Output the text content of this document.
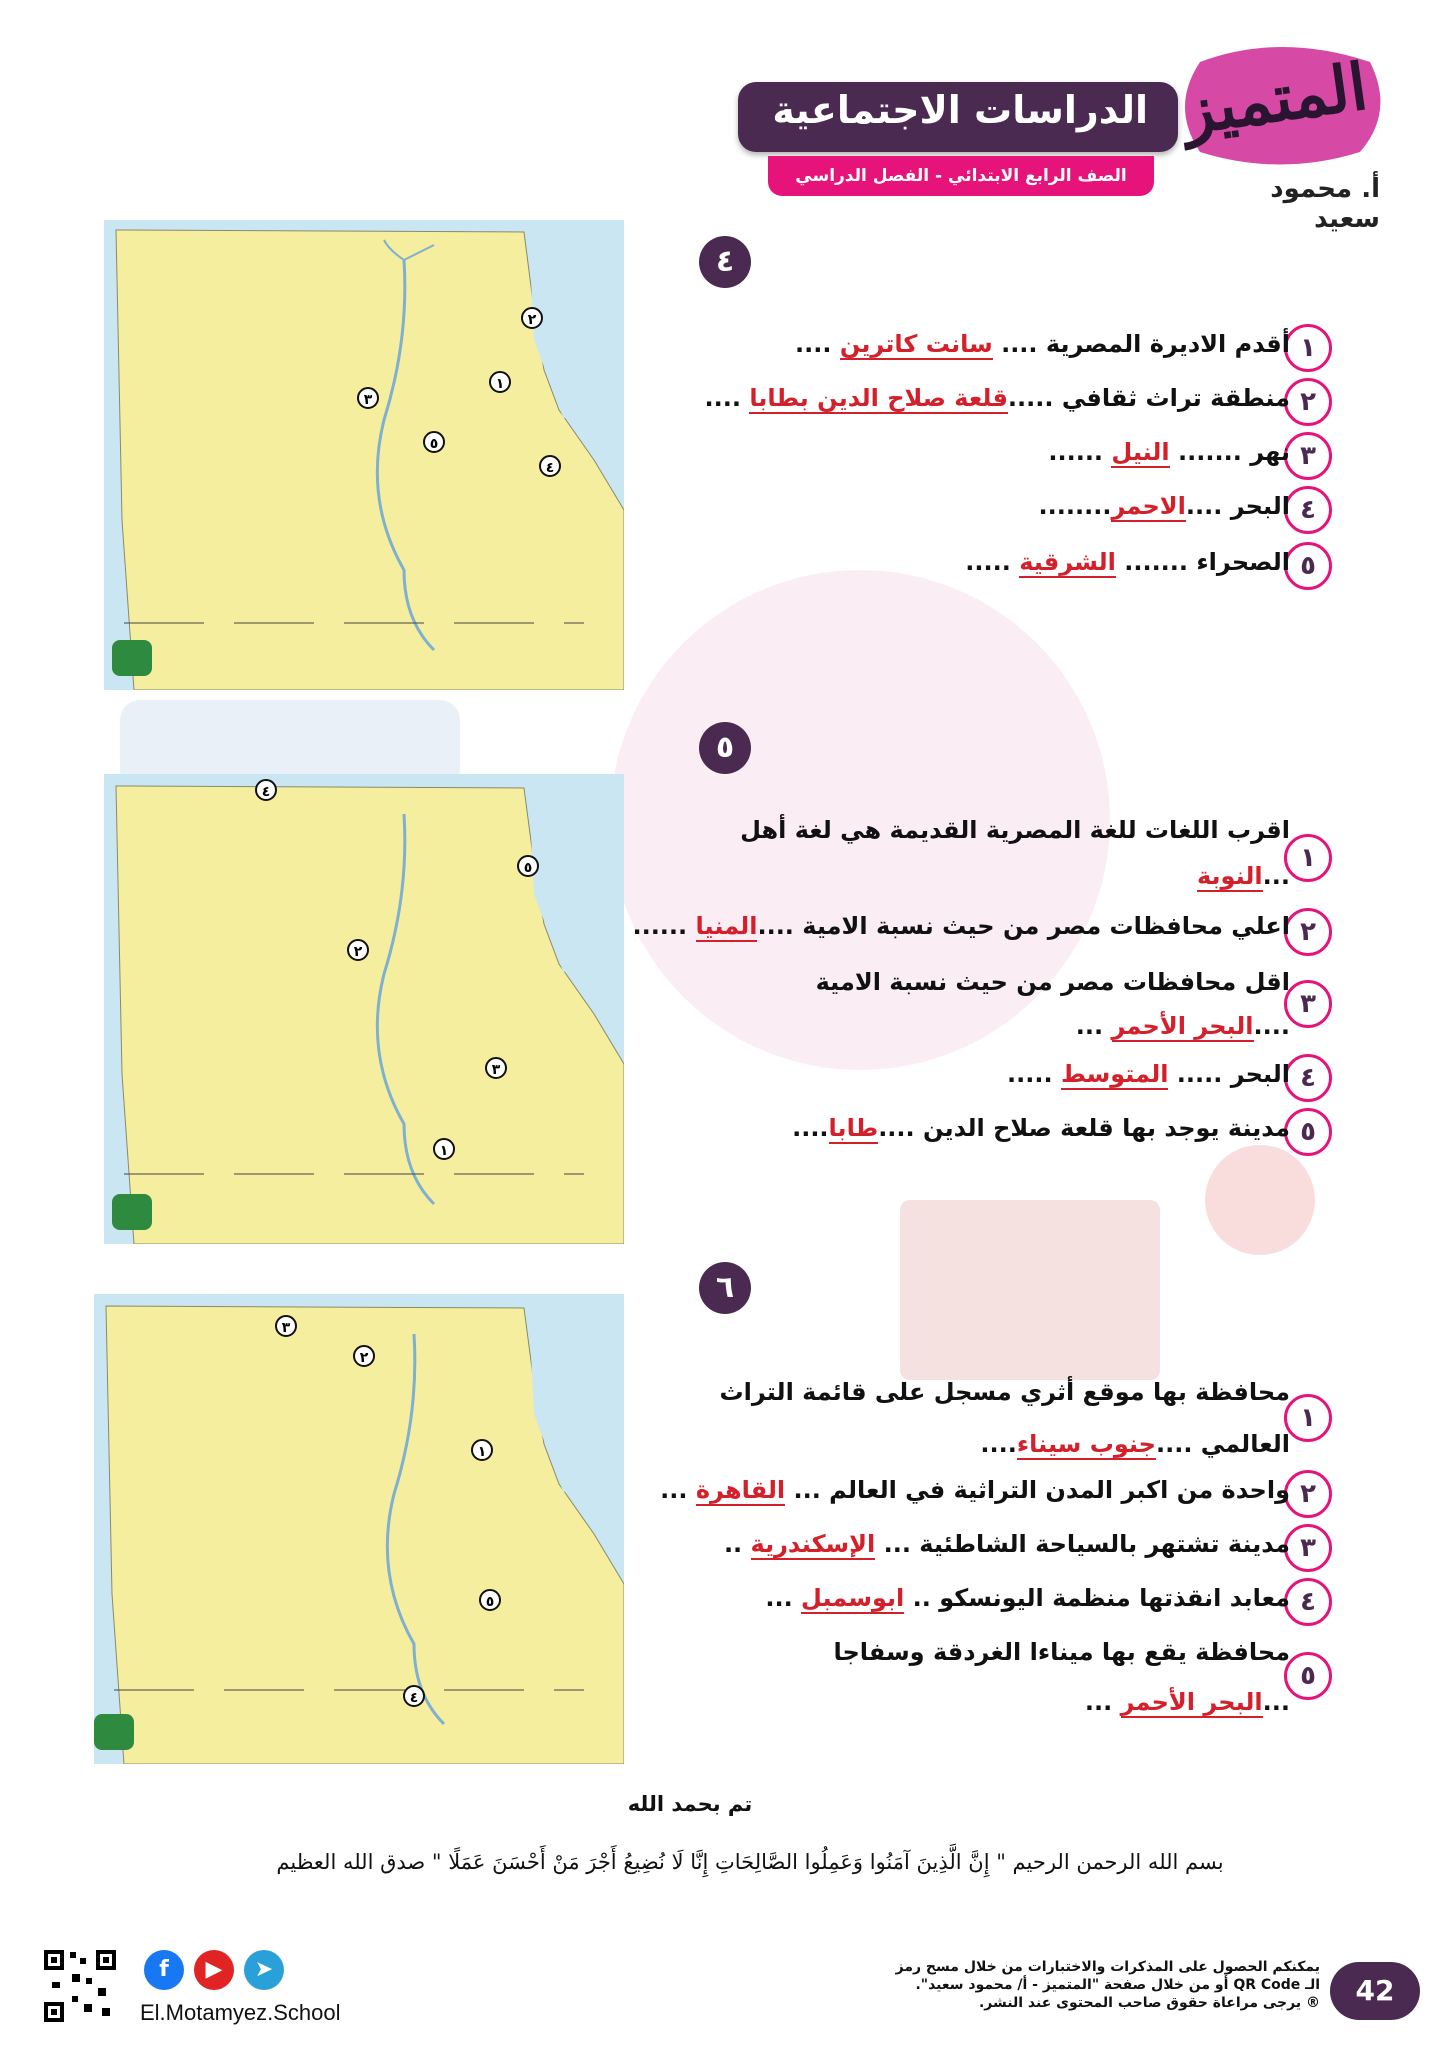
الدراسات الاجتماعية
الصف الرابع الابتدائي - الفصل الدراسي الثاني
المتميز
أ. محمود سعيد
٤
٢
١
٣
٥
٤
١
أقدم الاديرة المصرية .... سانت كاترين ....
٢
منطقة تراث ثقافي .....قلعة صلاح الدين بطابا ....
٣
نهر ....... النيل ......
٤
البحر ....الاحمر........
٥
الصحراء ....... الشرقية .....
٥
٤
٥
٢
٣
١
١
اقرب اللغات للغة المصرية القديمة هي لغة أهل
...النوبة
٢
اعلي محافظات مصر من حيث نسبة الامية ....المنيا ......
٣
اقل محافظات مصر من حيث نسبة الامية ....البحر الأحمر ...
٤
البحر ..... المتوسط .....
٥
مدينة يوجد بها قلعة صلاح الدين ....طابا....
٦
٣
٢
١
٥
٤
١
محافظة بها موقع أثري مسجل على قائمة التراث
العالمي ....جنوب سيناء....
٢
واحدة من اكبر المدن التراثية في العالم ... القاهرة ...
٣
مدينة تشتهر بالسياحة الشاطئية ... الإسكندرية ..
٤
معابد انقذتها منظمة اليونسكو .. ابوسمبل ...
٥
محافظة يقع بها ميناءا الغردقة وسفاجا
...البحر الأحمر ...
تم بحمد الله
بسم الله الرحمن الرحيم " إِنَّ الَّذِينَ آمَنُوا وَعَمِلُوا الصَّالِحَاتِ إِنَّا لَا نُضِيعُ أَجْرَ مَنْ أَحْسَنَ عَمَلًا " صدق الله العظيم
42
يمكنكم الحصول على المذكرات والاختبارات من خلال مسح رمز
الـ QR Code أو من خلال صفحة "المتميز - أ/ محمود سعيد".
® يرجى مراعاة حقوق صاحب المحتوى عند النشر.
f	▶	➤
El.Motamyez.School
